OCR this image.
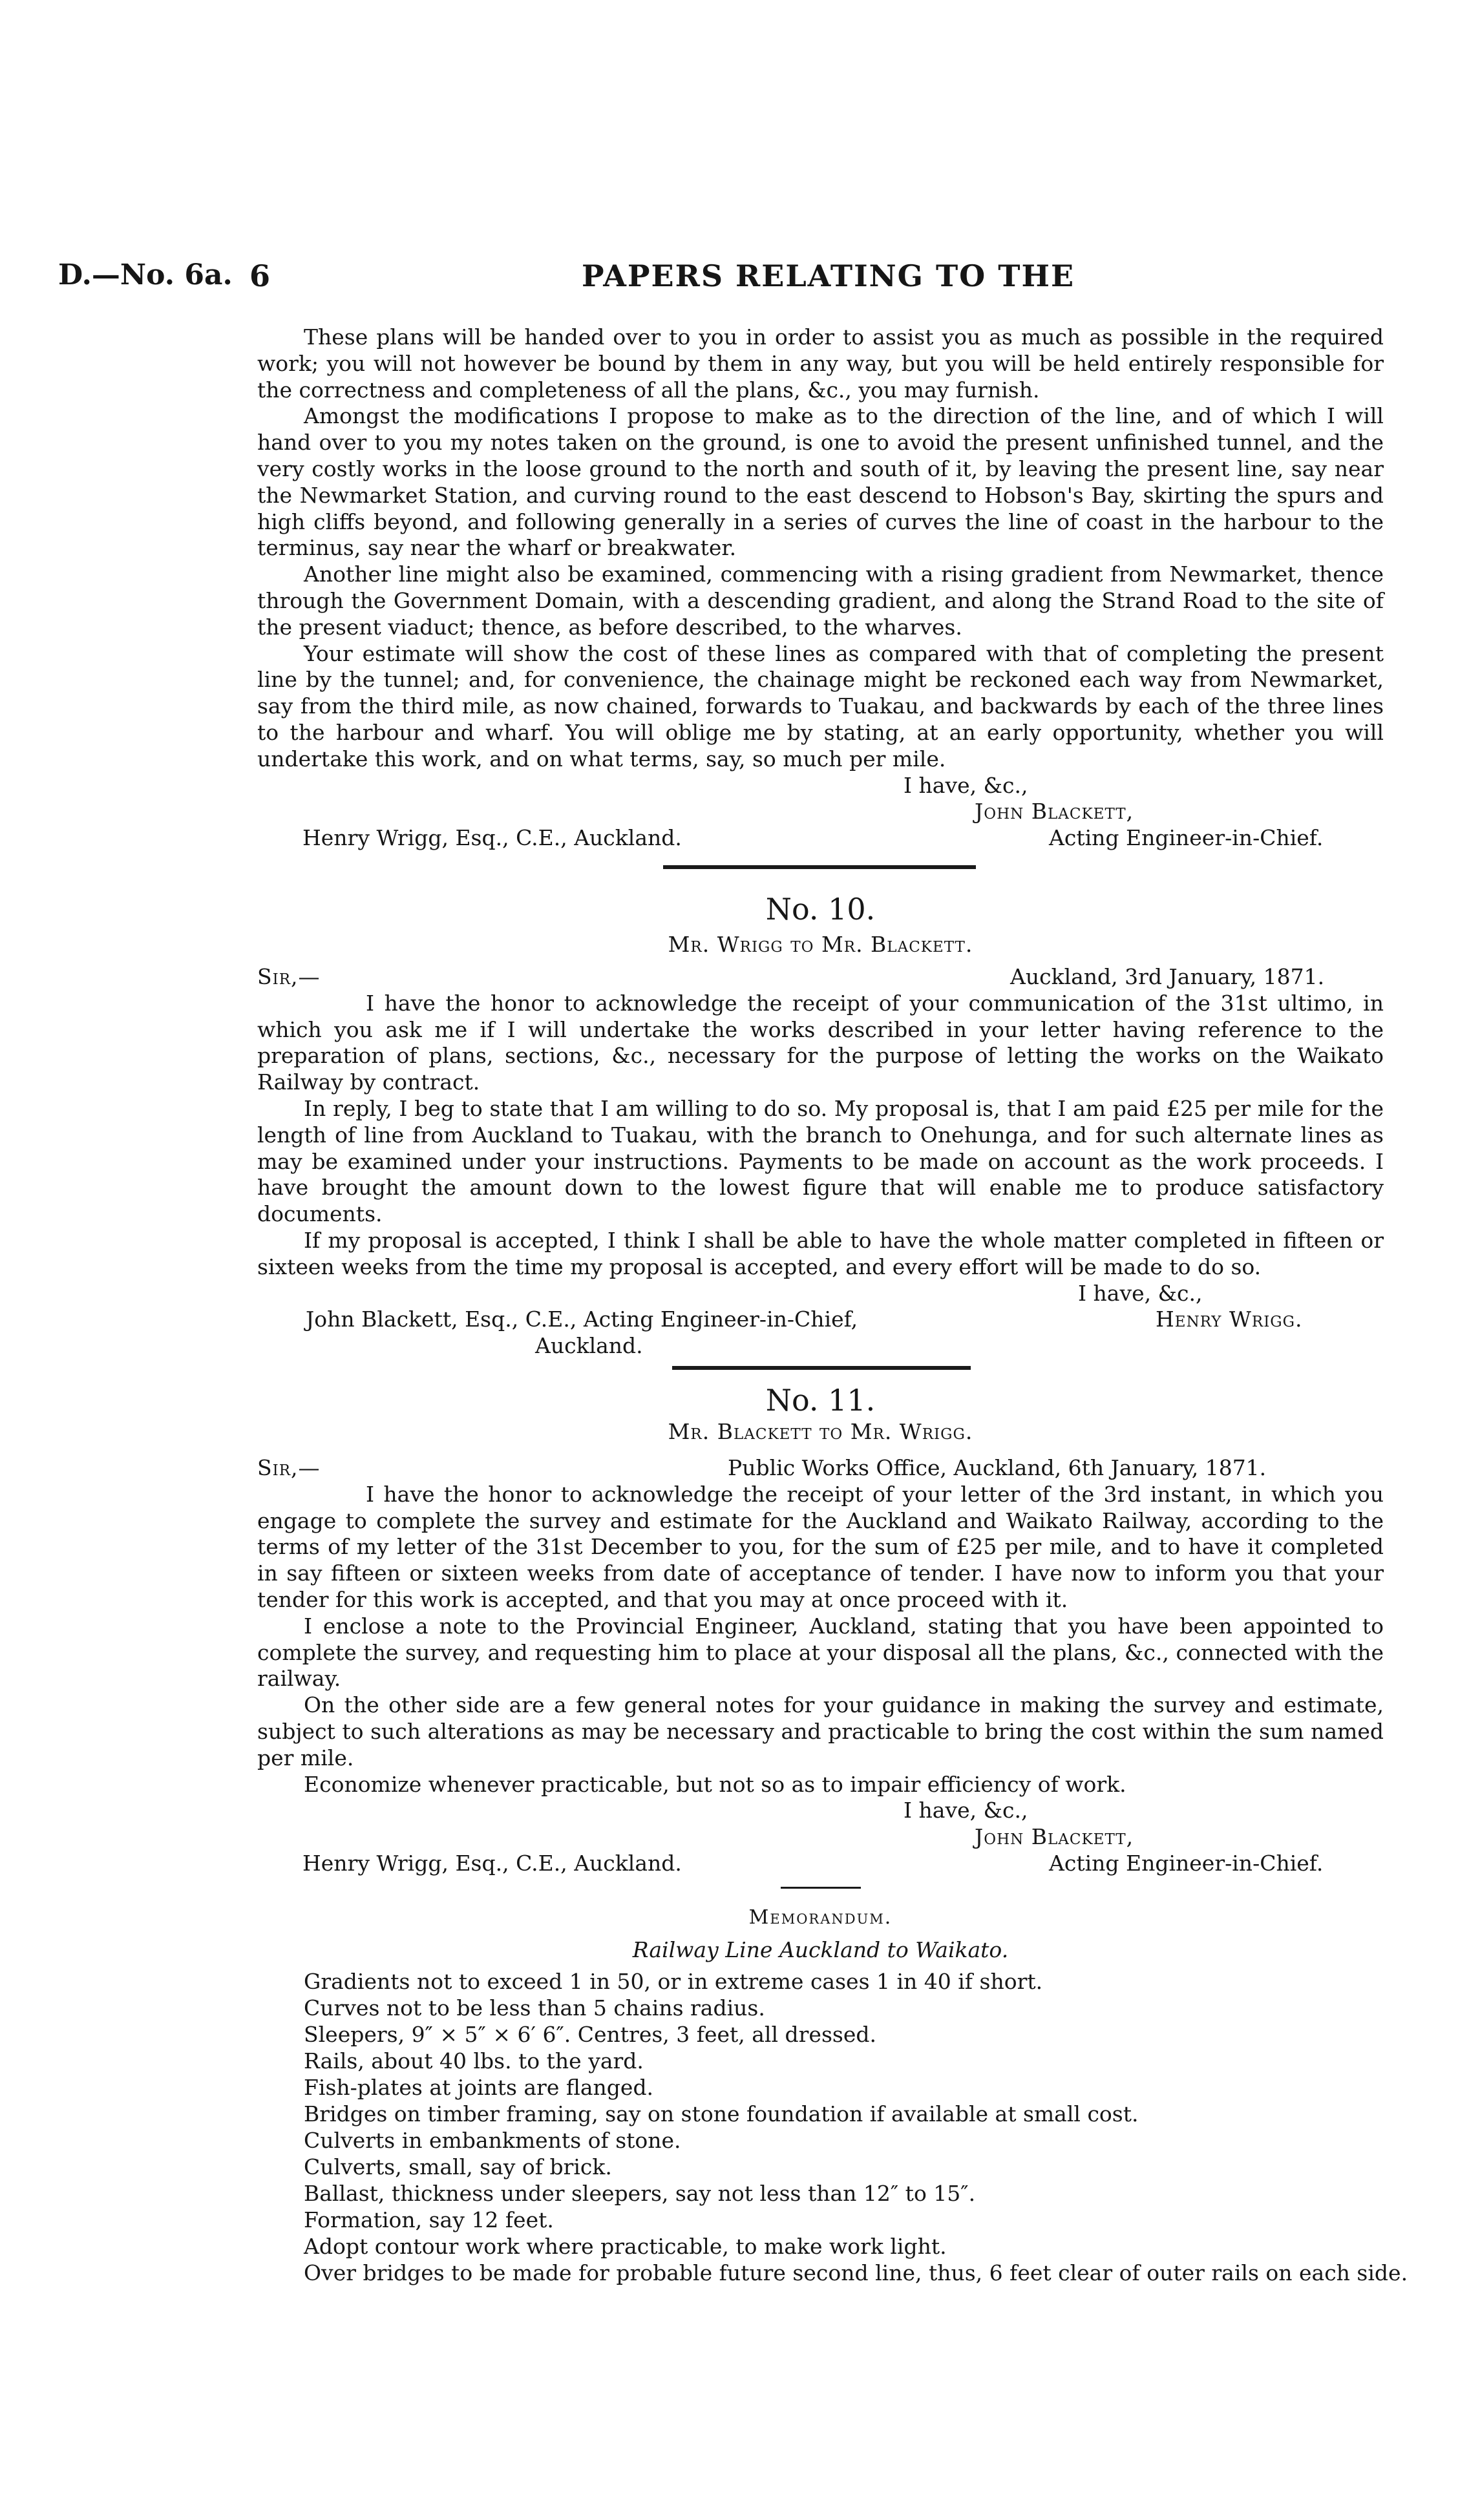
D.—No. 6a. 6	PAPERS RELATING TO THE

These plans will be handed over to you in order to assist you as much as possible in the required work; you will not however be bound by them in any way, but you will be held entirely responsible for the correctness and completeness of all the plans, &c., you may furnish.

Amongst the modifications I propose to make as to the direction of the line, and of which I will hand over to you my notes taken on the ground, is one to avoid the present unfinished tunnel, and the very costly works in the loose ground to the north and south of it, by leaving the present line, say near the Newmarket Station, and curving round to the east descend to Hobson's Bay, skirting the spurs and high cliffs beyond, and following generally in a series of curves the line of coast in the harbour to the terminus, say near the wharf or breakwater.

Another line might also be examined, commencing with a rising gradient from Newmarket, thence through the Government Domain, with a descending gradient, and along the Strand Road to the site of the present viaduct; thence, as before described, to the wharves.

Your estimate will show the cost of these lines as compared with that of completing the present line by the tunnel; and, for convenience, the chainage might be reckoned each way from Newmarket, say from the third mile, as now chained, forwards to Tuakau, and backwards by each of the three lines to the harbour and wharf. You will oblige me by stating, at an early opportunity, whether you will undertake this work, and on what terms, say, so much per mile.

I have, &c.,
John Blackett,
Henry Wrigg, Esq., C.E., Auckland.	Acting Engineer-in-Chief.
No. 10.
Mr. Wrigg to Mr. Blackett.
Sir,—	Auckland, 3rd January, 1871.

I have the honor to acknowledge the receipt of your communication of the 31st ultimo, in which you ask me if I will undertake the works described in your letter having reference to the preparation of plans, sections, &c., necessary for the purpose of letting the works on the Waikato Railway by contract.

In reply, I beg to state that I am willing to do so. My proposal is, that I am paid £25 per mile for the length of line from Auckland to Tuakau, with the branch to Onehunga, and for such alternate lines as may be examined under your instructions. Payments to be made on account as the work proceeds. I have brought the amount down to the lowest figure that will enable me to produce satisfactory documents.

If my proposal is accepted, I think I shall be able to have the whole matter completed in fifteen or sixteen weeks from the time my proposal is accepted, and every effort will be made to do so.

I have, &c.,
John Blackett, Esq., C.E., Acting Engineer-in-Chief,	Henry Wrigg.
Auckland.
No. 11.
Mr. Blackett to Mr. Wrigg.
Sir,—	Public Works Office, Auckland, 6th January, 1871.

I have the honor to acknowledge the receipt of your letter of the 3rd instant, in which you engage to complete the survey and estimate for the Auckland and Waikato Railway, according to the terms of my letter of the 31st December to you, for the sum of £25 per mile, and to have it completed in say fifteen or sixteen weeks from date of acceptance of tender. I have now to inform you that your tender for this work is accepted, and that you may at once proceed with it.

I enclose a note to the Provincial Engineer, Auckland, stating that you have been appointed to complete the survey, and requesting him to place at your disposal all the plans, &c., connected with the railway.

On the other side are a few general notes for your guidance in making the survey and estimate, subject to such alterations as may be necessary and practicable to bring the cost within the sum named per mile.

Economize whenever practicable, but not so as to impair efficiency of work.

I have, &c.,
John Blackett,
Henry Wrigg, Esq., C.E., Auckland.	Acting Engineer-in-Chief.
Memorandum.
Railway Line Auckland to Waikato.
Gradients not to exceed 1 in 50, or in extreme cases 1 in 40 if short.
Curves not to be less than 5 chains radius.
Sleepers, 9″ × 5″ × 6′ 6″. Centres, 3 feet, all dressed.
Rails, about 40 lbs. to the yard.
Fish-plates at joints are flanged.
Bridges on timber framing, say on stone foundation if available at small cost.
Culverts in embankments of stone.
Culverts, small, say of brick.
Ballast, thickness under sleepers, say not less than 12″ to 15″.
Formation, say 12 feet.
Adopt contour work where practicable, to make work light.
Over bridges to be made for probable future second line, thus, 6 feet clear of outer rails on each side.
